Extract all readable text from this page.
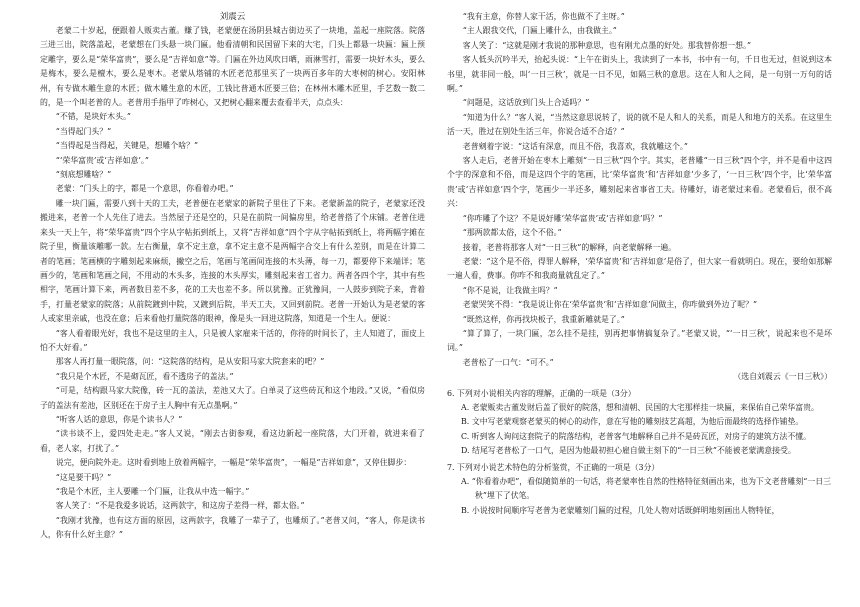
刘震云

老蒙二十岁起，便跟着人贩卖古董。赚了钱，老蒙便在汤阴县城古街边买了一块地，盖起一座院落。院落三进三出，院落盖起，老蒙想在门头悬一块门匾。他看清朝和民国留下来的大宅，门头上都悬一块匾：匾上预定雕字，要么是“荣华富贵”，要么是“吉祥如意”等。门匾在外边风吹日晒，雨淋雪打，需要一块好木头，要么是梅木，要么是檀木，要么是枣木。老蒙从塔铺的木匠老范那里买了一块两百多年的大枣树的树心。安阳林州，有专做木雕生意的木匠；做木雕生意的木匠，工钱比普通木匠要三倍；在林州木雕木匠里，手艺数一数二的，是一个叫老普的人。老普用手指甲了咋树心，又把树心翻来覆去查看半天，点点头：

“不错，是块好木头。”

“当得起门头？”

“当得起是当得起，关键是，想雕个啥？”

“‘荣华富贵’或‘吉祥如意’。”

“刻底想雕啥？”

老蒙：“门头上的字，都是一个意思，你看着办吧。”

雕一块门匾，需要八到十天的工夫，老普便在老蒙家的新院子里住了下来。老蒙新盖的院子，老蒙家还没搬进来，老普一个人先住了进去。当然屋子还是空的，只是在前院一间偏房里，给老普搭了个床铺。老普住进来头一天上午，将“荣华富贵”四个字从字帖拓到纸上，又将“吉祥如意”四个字从字帖拓到纸上，将两幅字摊在院子里，衡量该雕哪一款。左右衡量，拿不定主意，拿不定主意不是两幅字合交上有什么差别，而是在计算二者的笔画；笔画横的字雕刻起来麻烦，撇空之后，笔画与笔画间连接的木头薄，每一刀，都要停下来端详；笔画少的，笔画和笔画之间，不用动的木头多，连接的木头厚实，雕刻起来省工省力。两者各四个字，其中有些相字，笔画计算下来，两者数目差不多，花的工夫也差不多。所以犹豫。正犹豫间，一人鼓步到院子来，背着手，打量老蒙家的院落；从前院踱到中院，又踱到后院，半天工夫，又回到前院。老普一开始认为是老蒙的客人或家里亲戚，也没在意；后来看他打量院落的眼神，像是头一回进这院落，知道是一个生人。便说：

“客人看着眼光好，我也不是这里的主人，只是被人家雇来干活的，你待的时间长了，主人知道了，面皮上怕不大好看。”

那客人再打量一眼院落，问：“这院落的结构，是从安阳马家大院套来的吧？”

“我只是个木匠，不是砌瓦匠，看不透房子的盖法。”

“可是，结构跟马家大院像，砖一瓦的盖法，差池又大了。白单灵了这些砖瓦和这个地段。”又说，“看似房子的盖法有差池，区别还在于房子主人胸中有无点墨啊。”

“听客人话的意思，你是个读书人？”

“读书谈不上，爱四处走走。”客人又说，“刚去古街参观，看这边新起一座院落，大门开着，就进来看了看，老人家，打扰了。”

说完，便向院外走。这时看到地上放着两幅字，一幅是“荣华富贵”，一幅是“吉祥如意”，又停住脚步：

“这是要干吗？”

“我是个木匠，主人要雕一个门匾，让我从中选一幅字。”

客人笑了：“不是我爱多说话，这两款字，和这房子差得一样，都太俗。”

“我刚才犹豫，也有这方面的原因，这两款字，我雕了一辈子了，也雕烦了。”老普又问，“客人，你是读书人，你有什么好主意？”

“我有主意，你替人家干活，你也做不了主呀。”

“主人跟我交代，门匾上雕什么，由我做主。”

客人笑了：“这就是刚才我说的那种意思，也有刚尤点墨的好处。那我替你想一想。”

客人低头沉吟半天，抬起头说：“上午在街头上，我读到了一本书，书中有一句，千日也无过，但说到这本书里，就非同一般，叫‘一日三秋’，就是一日不见，如隔三秋的意思。这在人和人之间，是一句别一万句的话啊。”

“问题是，这话放到门头上合适吗？”

“知道为什么？”客人说，“当然这意思说转了，说的就不是人和人的关系，而是人和地方的关系。在这里生活一天，胜过在别处生活三年，你说合适不合适？”

老普剜着字说：“这话有深意，而且不俗，我喜欢，我就雕这个。”

客人走后，老普开始在枣木上雕刻“一日三秋”四个字。其实，老普雕“一日三秋”四个字，并不是看中这四个字的深意和不俗，而是这四个字的笔画，比‘荣华富贵’和‘吉祥如意’少多了，‘一日三秋’四个字，比‘荣华富贵’或‘吉祥如意’四个字，笔画少一半还多，雕刻起来省事省工夫。待雕好，请老蒙过来看。老蒙看后，很不高兴：

“你咋雕了个这？不是说好雕‘荣华富贵’或‘吉祥如意’吗？”

“那两款都太俗，这个不俗。”

接着，老普将那客人对“一日三秋”的解释，向老蒙解释一遍。

老蒙：“这个是不俗，得罪人解释，‘荣华富贵’和‘吉祥如意’是俗了，但大家一看就明白。现在，要给如那解一遍人看，费事。你咋不和我商量就乱定了。”

“你不是说，让我做主吗？”

老蒙哭笑不得：“我是说让你在‘荣华富贵’和‘吉祥如意’间做主，你咋做到外边了呢？”

“既然这样，你再找块板子，我重新雕就是了。”

“算了算了，一块门匾，怎么挂不是挂，别再把事情搞复杂了。”老蒙又说，“‘一日三秋’，说起来也不是坏词。”

老普松了一口气：“可不。”

（选自刘震云《一日三秋》）

6. 下列对小说相关内容的理解，正确的一项是（3分）

A. 老蒙贩卖古董发财后盖了很好的院落，想和清朝、民国的大宅那样挂一块匾，来保佑自己荣华富贵。

B. 文中写老蒙观察老蒙买的树心的动作，意在写他的雕刻技艺高超，为他后面最终的选择作铺垫。

C. 听到客人询问这套院子的院落结构，老普客气地解释自己并不是砖瓦匠，对房子的建筑方法不懂。

D. 结尾写老普松了一口气，是因为他最初担心雇自做主刻下的“一日三秋”不能被老蒙满意接受。

7. 下列对小说艺术特色的分析鉴赏，不正确的一项是（3分）

A. “你看着办吧”，看似随简单的一句话，将老蒙率性自然的性格特征刻画出来，也为下文老普雕刻“一日三秋”埋下了伏笔。

B. 小说按时间顺序写老普为老蒙雕刻门匾的过程，几处人物对话既鲜明地刻画出人物特征，
